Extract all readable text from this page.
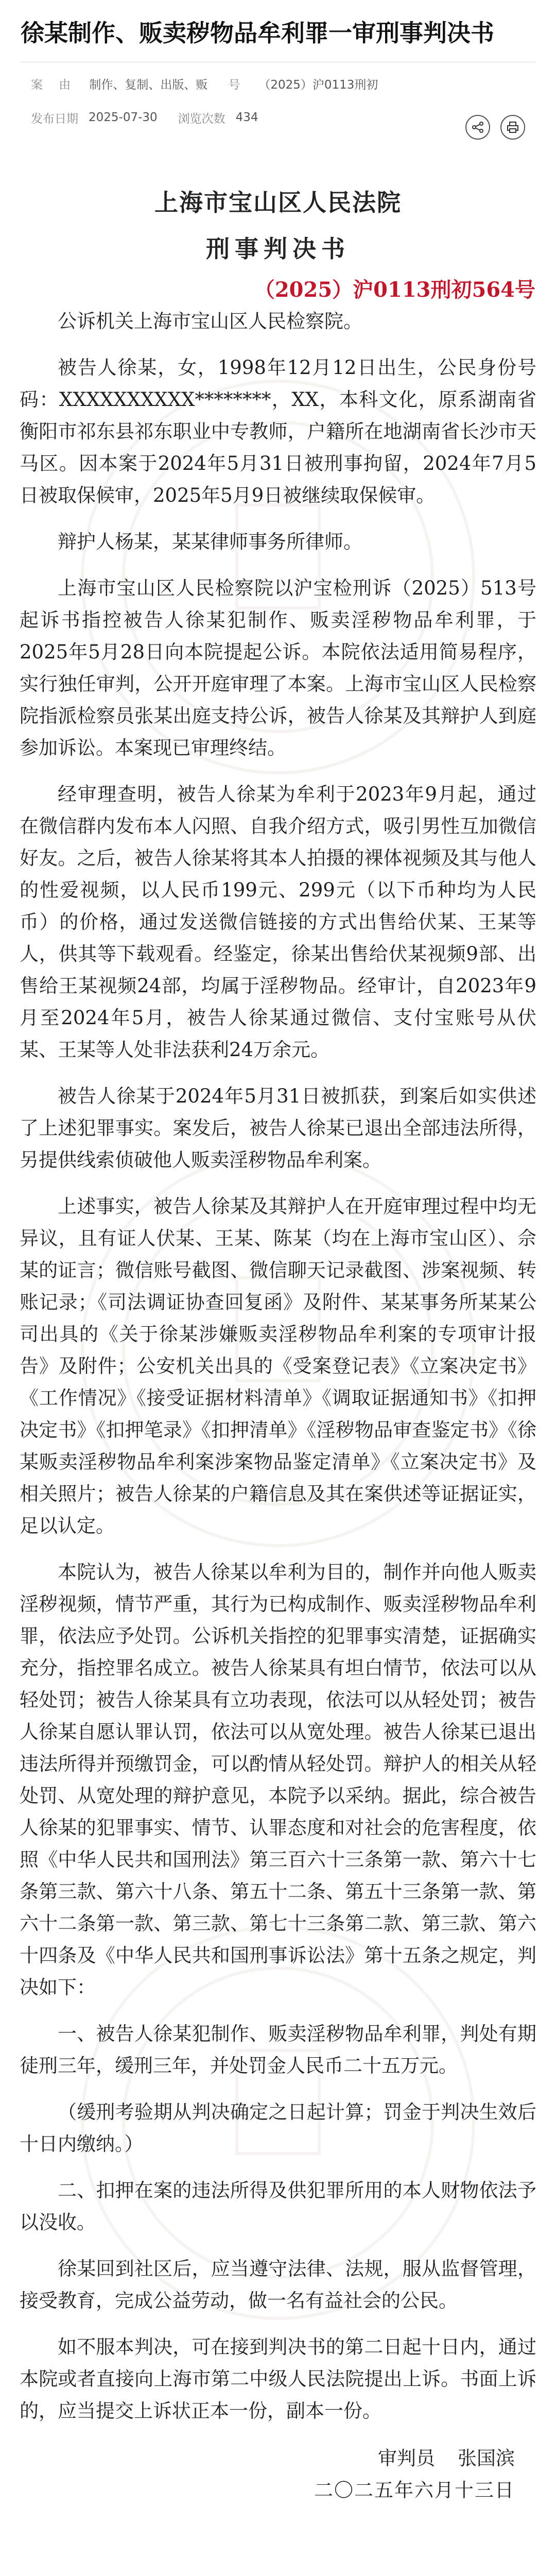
徐某制作、贩卖秽物品牟利罪一审刑事判决书
案 由 制作、复制、出版、贩 号 （2025）沪0113刑初
发布日期 2025-07-30 浏览次数 434
上海市宝山区人民法院
刑事判决书
（2025）沪0113刑初564号

公诉机关上海市宝山区人民检察院。

被告人徐某，女，1998年12月12日出生，公民身份号码：XXXXXXXXXX********，XX，本科文化，原系湖南省衡阳市祁东县祁东职业中专教师，户籍所在地湖南省长沙市天马区。因本案于2024年5月31日被刑事拘留，2024年7月5日被取保候审，2025年5月9日被继续取保候审。

辩护人杨某，某某律师事务所律师。

上海市宝山区人民检察院以沪宝检刑诉（2025）513号起诉书指控被告人徐某犯制作、贩卖淫秽物品牟利罪，于2025年5月28日向本院提起公诉。本院依法适用简易程序，实行独任审判，公开开庭审理了本案。上海市宝山区人民检察院指派检察员张某出庭支持公诉，被告人徐某及其辩护人到庭参加诉讼。本案现已审理终结。

经审理查明，被告人徐某为牟利于2023年9月起，通过在微信群内发布本人闪照、自我介绍方式，吸引男性互加微信好友。之后，被告人徐某将其本人拍摄的裸体视频及其与他人的性爱视频，以人民币199元、299元（以下币种均为人民币）的价格，通过发送微信链接的方式出售给伏某、王某等人，供其等下载观看。经鉴定，徐某出售给伏某视频9部、出售给王某视频24部，均属于淫秽物品。经审计，自2023年9月至2024年5月，被告人徐某通过微信、支付宝账号从伏某、王某等人处非法获利24万余元。

被告人徐某于2024年5月31日被抓获，到案后如实供述了上述犯罪事实。案发后，被告人徐某已退出全部违法所得，另提供线索侦破他人贩卖淫秽物品牟利案。

上述事实，被告人徐某及其辩护人在开庭审理过程中均无异议，且有证人伏某、王某、陈某（均在上海市宝山区）、佘某的证言；微信账号截图、微信聊天记录截图、涉案视频、转账记录；《司法调证协查回复函》及附件、某某事务所某某公司出具的《关于徐某涉嫌贩卖淫秽物品牟利案的专项审计报告》及附件；公安机关出具的《受案登记表》《立案决定书》《工作情况》《接受证据材料清单》《调取证据通知书》《扣押决定书》《扣押笔录》《扣押清单》《淫秽物品审查鉴定书》《徐某贩卖淫秽物品牟利案涉案物品鉴定清单》《立案决定书》及相关照片；被告人徐某的户籍信息及其在案供述等证据证实，足以认定。

本院认为，被告人徐某以牟利为目的，制作并向他人贩卖淫秽视频，情节严重，其行为已构成制作、贩卖淫秽物品牟利罪，依法应予处罚。公诉机关指控的犯罪事实清楚，证据确实充分，指控罪名成立。被告人徐某具有坦白情节，依法可以从轻处罚；被告人徐某具有立功表现，依法可以从轻处罚；被告人徐某自愿认罪认罚，依法可以从宽处理。被告人徐某已退出违法所得并预缴罚金，可以酌情从轻处罚。辩护人的相关从轻处罚、从宽处理的辩护意见，本院予以采纳。据此，综合被告人徐某的犯罪事实、情节、认罪态度和对社会的危害程度，依照《中华人民共和国刑法》第三百六十三条第一款、第六十七条第三款、第六十八条、第五十二条、第五十三条第一款、第六十二条第一款、第三款、第七十三条第二款、第三款、第六十四条及《中华人民共和国刑事诉讼法》第十五条之规定，判决如下：

一、被告人徐某犯制作、贩卖淫秽物品牟利罪，判处有期徒刑三年，缓刑三年，并处罚金人民币二十五万元。

（缓刑考验期从判决确定之日起计算；罚金于判决生效后十日内缴纳。）

二、扣押在案的违法所得及供犯罪所用的本人财物依法予以没收。

徐某回到社区后，应当遵守法律、法规，服从监督管理，接受教育，完成公益劳动，做一名有益社会的公民。

如不服本判决，可在接到判决书的第二日起十日内，通过本院或者直接向上海市第二中级人民法院提出上诉。书面上诉的，应当提交上诉状正本一份，副本一份。

审判员 张国滨
二〇二五年六月十三日
